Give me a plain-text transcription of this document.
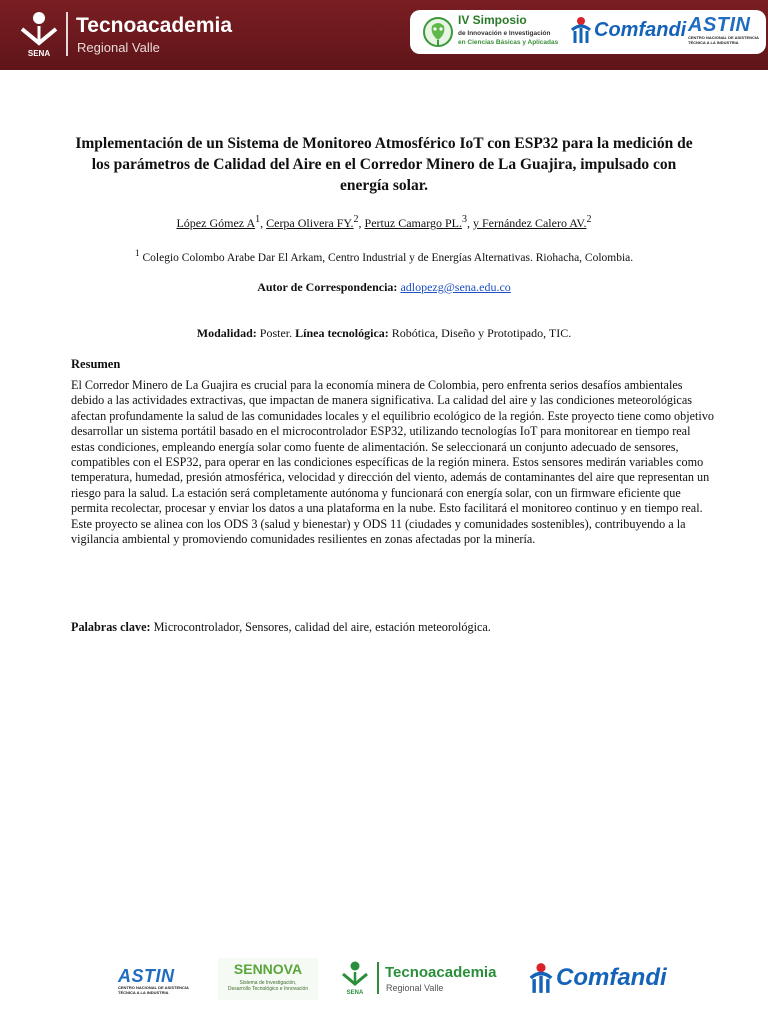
SENA
Tecnoacademia
Regional Valle
IV Simposio
de Innovación e Investigación
en Ciencias Básicas y Aplicadas
Comfandi ASTIN
CENTRO NACIONAL DE ASISTENCIA
TÉCNICA A LA INDUSTRIA
Implementación de un Sistema de Monitoreo Atmosférico IoT con ESP32 para la medición de los parámetros de Calidad del Aire en el Corredor Minero de La Guajira, impulsado con energía solar.
López Gómez $A^1$, Cerpa Olivera FY.$^2$, Pertuz Camargo PL.$^3$, y Fernández Calero AV.$^2$
$^1$ Colegio Colombo Arabe Dar El Arkam, Centro Industrial y de Energías Alternativas. Riohacha, Colombia.
Autor de Correspondencia: adlopezg@sena.edu.co
Modalidad: Poster. Línea tecnológica: Robótica, Diseño y Prototipado, TIC.
Resumen
El Corredor Minero de La Guajira es crucial para la economía minera de Colombia, pero enfrenta serios desafíos ambientales debido a las actividades extractivas, que impactan de manera significativa. La calidad del aire y las condiciones meteorológicas afectan profundamente la salud de las comunidades locales y el equilibrio ecológico de la región. Este proyecto tiene como objetivo desarrollar un sistema portátil basado en el microcontrolador ESP32, utilizando tecnologías IoT para monitorear en tiempo real estas condiciones, empleando energía solar como fuente de alimentación. Se seleccionará un conjunto adecuado de sensores, compatibles con el ESP32, para operar en las condiciones específicas de la región minera. Estos sensores medirán variables como temperatura, humedad, presión atmosférica, velocidad y dirección del viento, además de contaminantes del aire que representan un riesgo para la salud. La estación será completamente autónoma y funcionará con energía solar, con un firmware eficiente que permita recolectar, procesar y enviar los datos a una plataforma en la nube. Esto facilitará el monitoreo continuo y en tiempo real. Este proyecto se alinea con los ODS 3 (salud y bienestar) y ODS 11 (ciudades y comunidades sostenibles), contribuyendo a la vigilancia ambiental y promoviendo comunidades resilientes en zonas afectadas por la minería.
Palabras clave: Microcontrolador, Sensores, calidad del aire, estación meteorológica.
ASTIN
CENTRO NACIONAL DE ASISTENCIA
TÉCNICA A LA INDUSTRIA
SENNOVA
Sistema de Investigación,
Desarrollo Tecnológico e Innovación
SENA
Tecnoacademia
Regional Valle	Comfandi
